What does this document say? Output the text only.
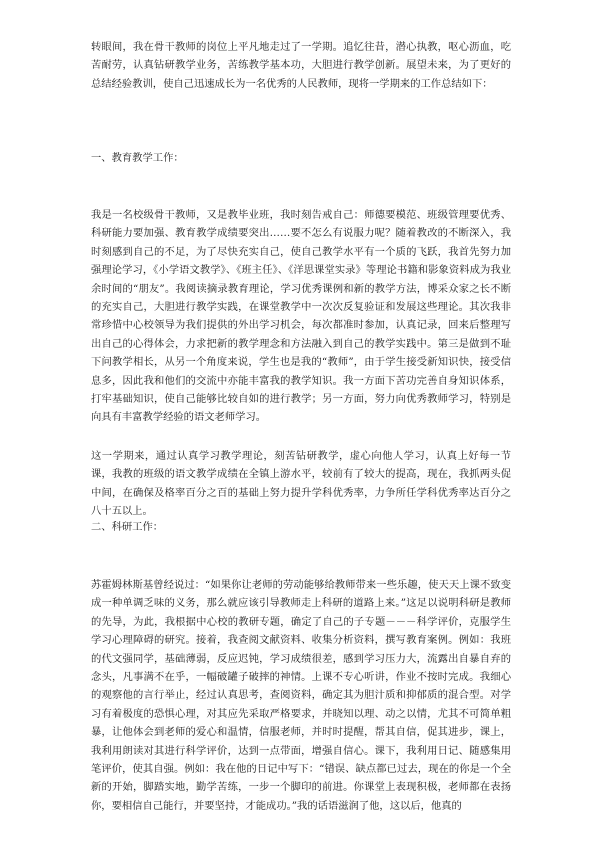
转眼间，我在骨干教师的岗位上平凡地走过了一学期。追忆往昔，潜心执教，呕心沥血，吃苦耐劳，认真钻研教学业务，苦练教学基本功，大胆进行教学创新。展望未来，为了更好的总结经验教训，使自己迅速成长为一名优秀的人民教师，现将一学期来的工作总结如下：

一、教育教学工作：

我是一名校级骨干教师，又是教毕业班，我时刻告戒自己：师德要模范、班级管理要优秀、科研能力要加强、教育教学成绩要突出……要不怎么有说服力呢？随着教改的不断深入，我时刻感到自己的不足，为了尽快充实自己，使自己教学水平有一个质的飞跃，我首先努力加强理论学习，《小学语文教学》、《班主任》、《洋思课堂实录》等理论书籍和影象资料成为我业余时间的“朋友”。我阅读摘录教育理论，学习优秀课例和新的教学方法，博采众家之长不断的充实自己，大胆进行教学实践，在课堂教学中一次次反复验证和发展这些理论。其次我非常珍惜中心校领导为我们提供的外出学习机会，每次都准时参加，认真记录，回来后整理写出自己的心得体会，力求把新的教学理念和方法融入到自己的教学实践中。第三是做到不耻下问教学相长，从另一个角度来说，学生也是我的“教师”，由于学生接受新知识快，接受信息多，因此我和他们的交流中亦能丰富我的教学知识。我一方面下苦功完善自身知识体系，打牢基础知识，使自己能够比较自如的进行教学；另一方面，努力向优秀教师学习，特别是向具有丰富教学经验的语文老师学习。

这一学期来，通过认真学习教学理论，刻苦钻研教学，虚心向他人学习，认真上好每一节课，我教的班级的语文教学成绩在全镇上游水平，较前有了较大的提高，现在，我抓两头促中间，在确保及格率百分之百的基础上努力提升学科优秀率，力争所任学科优秀率达百分之八十五以上。

二、科研工作：

苏霍姆林斯基曾经说过：“如果你让老师的劳动能够给教师带来一些乐趣，使天天上课不致变成一种单调乏味的义务，那么就应该引导教师走上科研的道路上来。”这足以说明科研是教师的先导，为此，我根据中心校的教研专题，确定了自己的子专题－－－科学评价，克服学生学习心理障碍的研究。接着，我查阅文献资料、收集分析资料，撰写教育案例。例如：我班的代文强同学，基础薄弱，反应迟钝，学习成绩很差，感到学习压力大，流露出自暴自弃的念头，凡事满不在乎，一幅破罐子破摔的神情。上课不专心听讲，作业不按时完成。我细心的观察他的言行举止，经过认真思考，查阅资料，确定其为胆汁质和抑郁质的混合型。对学习有着极度的恐惧心理，对其应先采取严格要求，并晓知以理、动之以情，尤其不可简单粗暴，让他体会到老师的爱心和温情，信服老师，并时时提醒，帮其自信，促其进步，课上，我利用朗读对其进行科学评价，达到一点带面，增强自信心。课下，我利用日记、随感集用笔评价，使其自强。例如：我在他的日记中写下：“错误、缺点都已过去，现在的你是一个全新的开始，脚踏实地，勤学苦练，一步一个脚印的前进。你课堂上表现积极，老师都在表扬你，要相信自己能行，并要坚持，才能成功。”我的话语滋润了他，这以后，他真的
